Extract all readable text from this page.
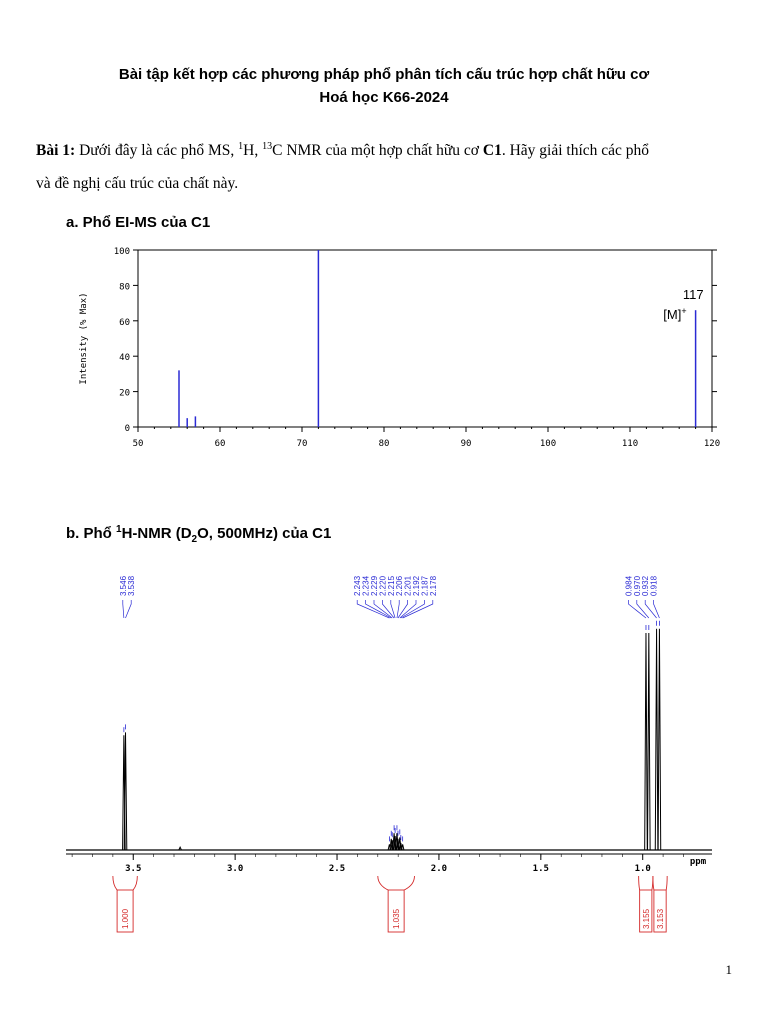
Bài tập kết hợp các phương pháp phổ phân tích cấu trúc hợp chất hữu cơ
Hoá học K66-2024
Bài 1: Dưới đây là các phổ MS, $^1$H, $^{13}$C NMR của một hợp chất hữu cơ C1. Hãy giải thích các phổ
và đề nghị cấu trúc của chất này.
a. Phổ EI-MS của C1
0
20
40
60
80
100
50	60	70	80	90	100	110	120
Intensity (% Max)	117
[M]+
b. Phổ $^1$H-NMR ($D_2O$, 500MHz) của C1
3.546 3.538	2.243 2.234 2.229 2.220 2.215 2.206 2.201 2.192 2.187 2.178	0.984 0.970 0.932 0.918
3.5	3.0	2.5	2.0	1.5	1.0
ppm
1.000	1.035	3.155 3.153
1
